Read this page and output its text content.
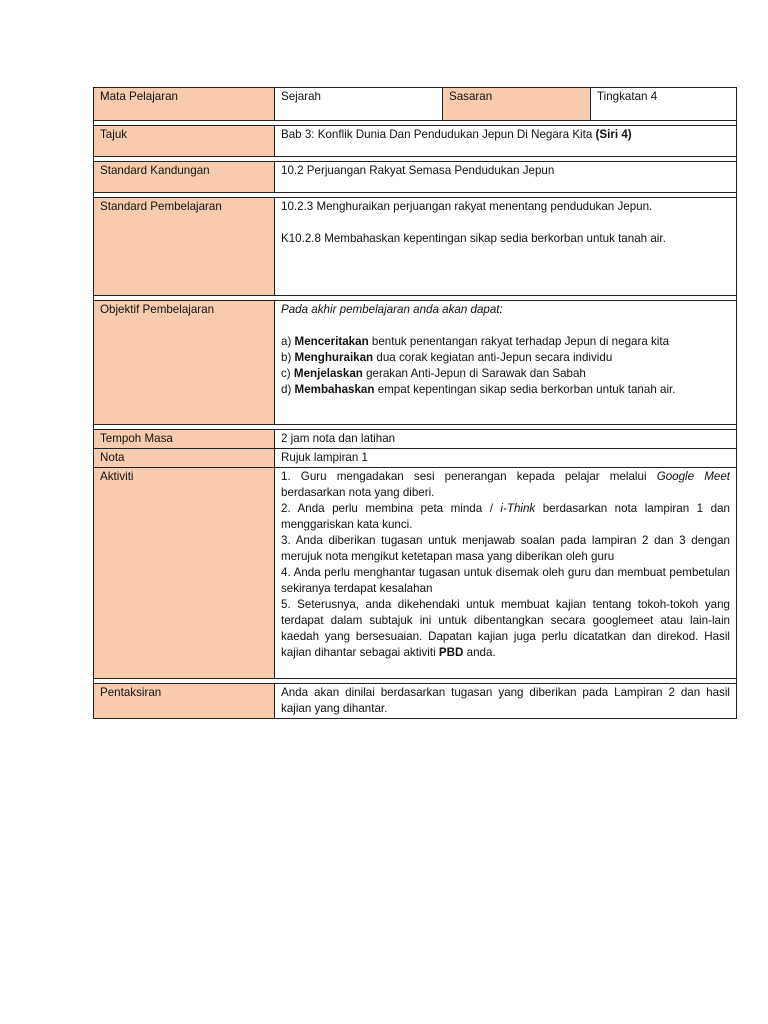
Mata Pelajaran	Sejarah	Sasaran	Tingkatan 4

Tajuk	Bab 3: Konflik Dunia Dan Pendudukan Jepun Di Negara Kita (Siri 4)		

Standard Kandungan	10.2 Perjuangan Rakyat Semasa Pendudukan Jepun		

Standard Pembelajaran	10.2.3 Menghuraikan perjuangan rakyat menentang pendudukan Jepun.

K10.2.8 Membahaskan kepentingan sikap sedia berkorban untuk tanah air.		

Objektif Pembelajaran	Pada akhir pembelajaran anda akan dapat:

a) Menceritakan bentuk penentangan rakyat terhadap Jepun di negara kita

b) Menghuraikan dua corak kegiatan anti-Jepun secara individu

c) Menjelaskan gerakan Anti-Jepun di Sarawak dan Sabah

d) Membahaskan empat kepentingan sikap sedia berkorban untuk tanah air.		

Tempoh Masa	2 jam nota dan latihan		
Nota	Rujuk lampiran 1		
Aktiviti	1. Guru mengadakan sesi penerangan kepada pelajar melalui Google Meet berdasarkan nota yang diberi.

2. Anda perlu membina peta minda / i-Think berdasarkan nota lampiran 1 dan menggariskan kata kunci.

3. Anda diberikan tugasan untuk menjawab soalan pada lampiran 2 dan 3 dengan merujuk nota mengikut ketetapan masa yang diberikan oleh guru

4. Anda perlu menghantar tugasan untuk disemak oleh guru dan membuat pembetulan sekiranya terdapat kesalahan

5. Seterusnya, anda dikehendaki untuk membuat kajian tentang tokoh-tokoh yang terdapat dalam subtajuk ini untuk dibentangkan secara googlemeet atau lain-lain kaedah yang bersesuaian. Dapatan kajian juga perlu dicatatkan dan direkod. Hasil kajian dihantar sebagai aktiviti PBD anda.		

Pentaksiran	Anda akan dinilai berdasarkan tugasan yang diberikan pada Lampiran 2 dan hasil kajian yang dihantar.		
